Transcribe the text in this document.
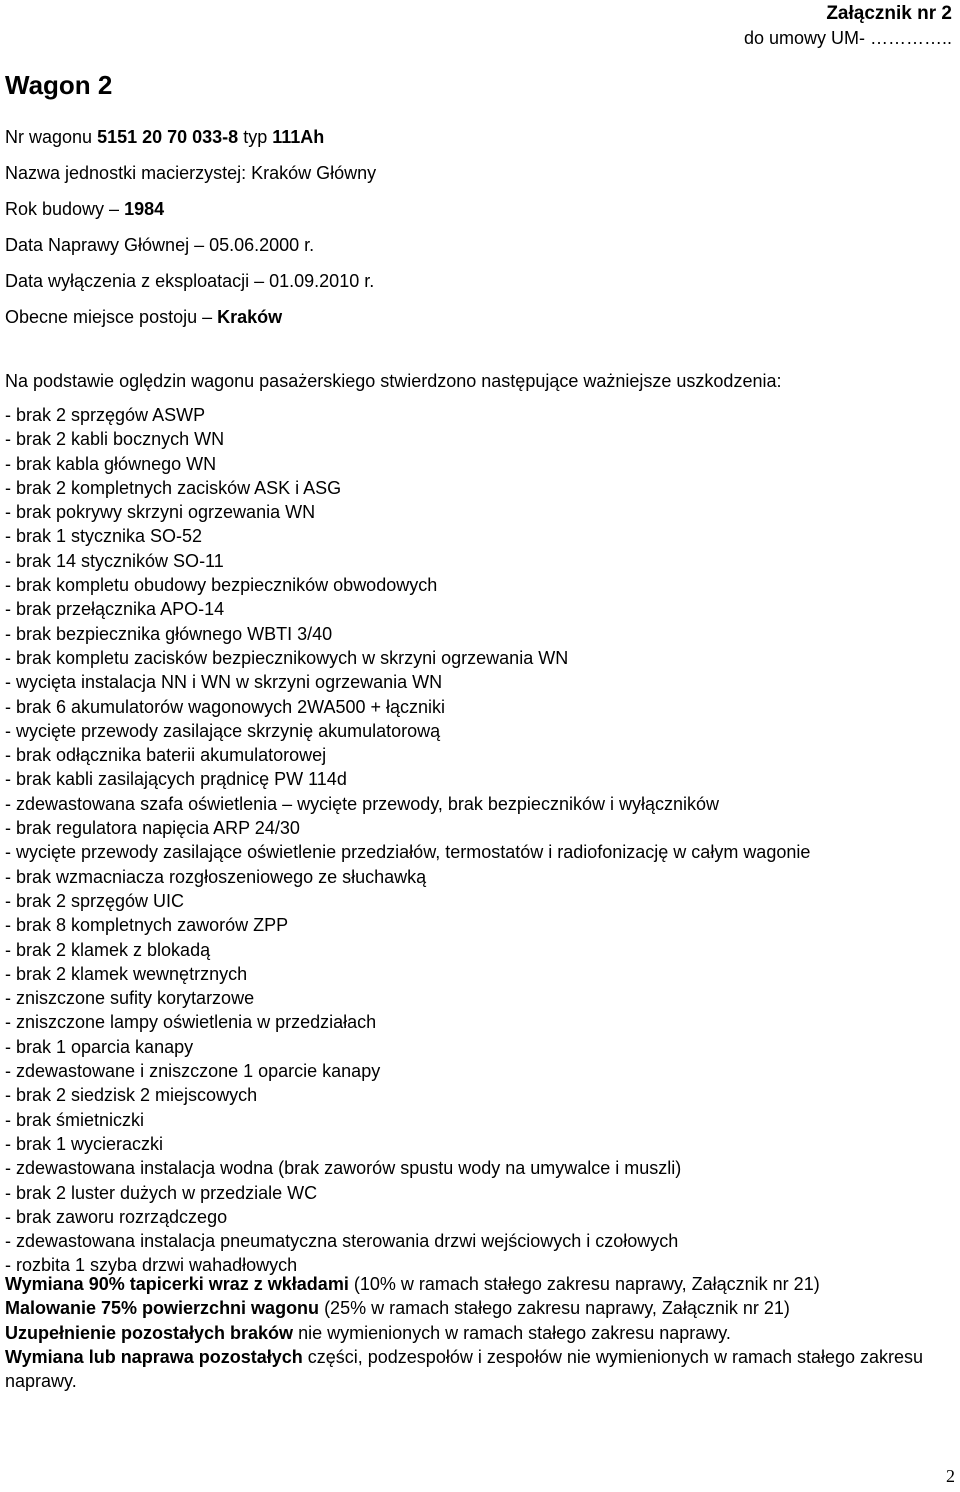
Załącznik nr 2
do umowy UM- …………..
Wagon 2
Nr wagonu 5151 20 70 033-8 typ 111Ah
Nazwa jednostki macierzystej: Kraków Główny
Rok budowy – 1984
Data Naprawy Głównej – 05.06.2000 r.
Data wyłączenia z eksploatacji – 01.09.2010 r.
Obecne miejsce postoju – Kraków
Na podstawie oględzin wagonu pasażerskiego stwierdzono następujące ważniejsze uszkodzenia:
- brak 2 sprzęgów ASWP
- brak 2 kabli bocznych WN
- brak kabla głównego WN
- brak 2 kompletnych zacisków ASK i ASG
- brak pokrywy skrzyni ogrzewania WN
- brak 1 stycznika SO-52
- brak 14 styczników SO-11
- brak kompletu obudowy bezpieczników obwodowych
- brak przełącznika APO-14
- brak bezpiecznika głównego WBTI 3/40
- brak kompletu zacisków bezpiecznikowych w skrzyni ogrzewania WN
- wycięta instalacja NN i WN w skrzyni ogrzewania WN
- brak 6 akumulatorów wagonowych 2WA500 + łączniki
- wycięte przewody zasilające skrzynię akumulatorową
- brak odłącznika baterii akumulatorowej
- brak kabli zasilających prądnicę PW 114d
- zdewastowana szafa oświetlenia – wycięte przewody, brak bezpieczników i wyłączników
- brak regulatora napięcia ARP 24/30
- wycięte przewody zasilające oświetlenie przedziałów, termostatów i radiofonizację w całym wagonie
- brak wzmacniacza rozgłoszeniowego ze słuchawką
- brak 2 sprzęgów UIC
- brak 8 kompletnych zaworów ZPP
- brak 2 klamek z blokadą
- brak 2 klamek wewnętrznych
- zniszczone sufity korytarzowe
- zniszczone lampy oświetlenia w przedziałach
- brak 1 oparcia kanapy
- zdewastowane i zniszczone 1 oparcie kanapy
- brak 2 siedzisk 2 miejscowych
- brak śmietniczki
- brak 1 wycieraczki
- zdewastowana instalacja wodna (brak zaworów spustu wody na umywalce i muszli)
- brak 2 luster dużych w przedziale WC
- brak zaworu rozrządczego
- zdewastowana instalacja pneumatyczna sterowania drzwi wejściowych i czołowych
- rozbita 1 szyba drzwi wahadłowych

Wymiana 90% tapicerki wraz z wkładami (10% w ramach stałego zakresu naprawy, Załącznik nr 21)

Malowanie 75% powierzchni wagonu (25% w ramach stałego zakresu naprawy, Załącznik nr 21)

Uzupełnienie pozostałych braków nie wymienionych w ramach stałego zakresu naprawy.

Wymiana lub naprawa pozostałych części, podzespołów i zespołów nie wymienionych w ramach stałego zakresu naprawy.

2
